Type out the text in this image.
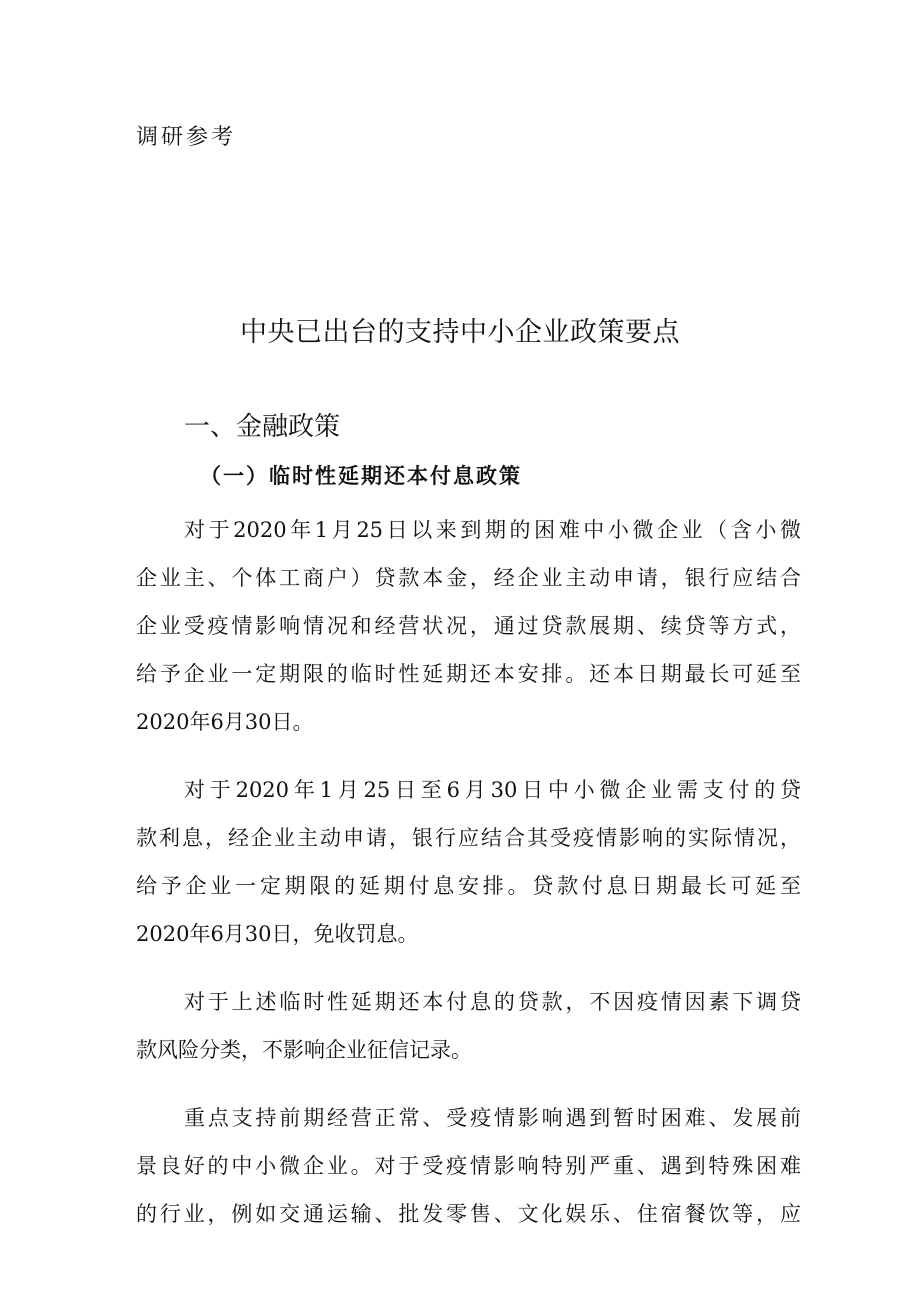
调研参考

中央已出台的支持中小企业政策要点
一、金融政策
（一）临时性延期还本付息政策
对于2020年1月25日以来到期的困难中小微企业（含小微
企业主、个体工商户）贷款本金，经企业主动申请，银行应结合
企业受疫情影响情况和经营状况，通过贷款展期、续贷等方式，
给予企业一定期限的临时性延期还本安排。还本日期最长可延至
2020年6月30日。
对于2020年1月25日至6月30日中小微企业需支付的贷
款利息，经企业主动申请，银行应结合其受疫情影响的实际情况，
给予企业一定期限的延期付息安排。贷款付息日期最长可延至
2020年6月30日，免收罚息。
对于上述临时性延期还本付息的贷款，不因疫情因素下调贷
款风险分类，不影响企业征信记录。
重点支持前期经营正常、受疫情影响遇到暂时困难、发展前
景良好的中小微企业。对于受疫情影响特别严重、遇到特殊困难
的行业，例如交通运输、批发零售、文化娱乐、住宿餐饮等，应
